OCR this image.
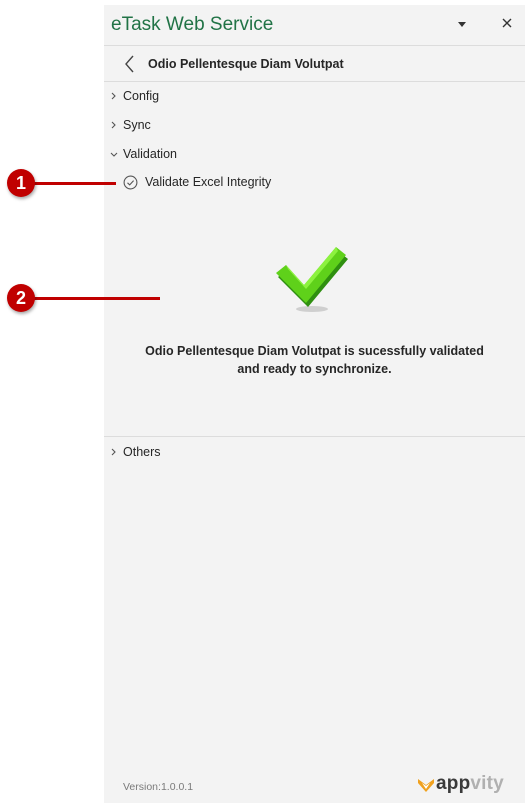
eTask Web Service
Odio Pellentesque Diam Volutpat
Config
Sync
Validation
Validate Excel Integrity
Odio Pellentesque Diam Volutpat is sucessfully validated
and ready to synchronize.
Others
Version:1.0.0.1	appvity
1
2
